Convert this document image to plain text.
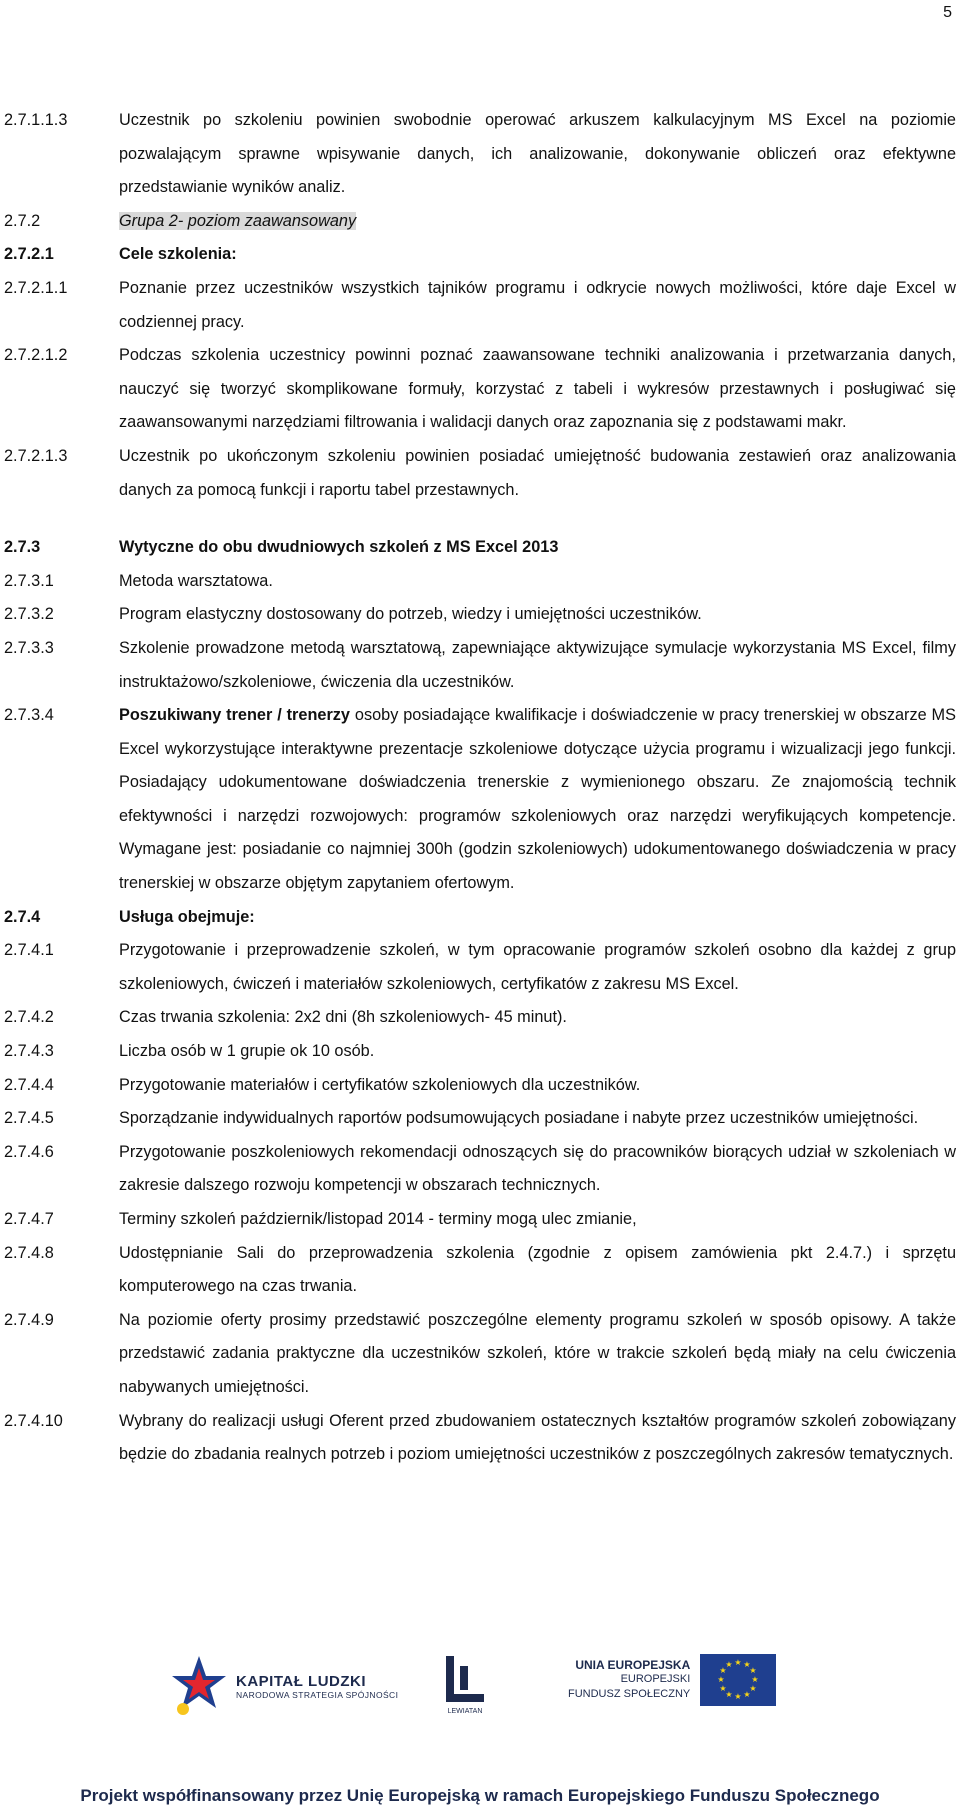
5
2.7.1.1.3	Uczestnik po szkoleniu powinien swobodnie operować arkuszem kalkulacyjnym MS Excel na poziomie pozwalającym sprawne wpisywanie danych, ich analizowanie, dokonywanie obliczeń oraz efektywne przedstawianie wyników analiz.
2.7.2	Grupa 2- poziom zaawansowany
2.7.2.1	Cele szkolenia:
2.7.2.1.1	Poznanie przez uczestników wszystkich tajników programu i odkrycie nowych możliwości, które daje Excel w codziennej pracy.
2.7.2.1.2	Podczas szkolenia uczestnicy powinni poznać zaawansowane techniki analizowania i przetwarzania danych, nauczyć się tworzyć skomplikowane formuły, korzystać z tabeli i wykresów przestawnych i posługiwać się zaawansowanymi narzędziami filtrowania i walidacji danych oraz zapoznania się z podstawami makr.
2.7.2.1.3	Uczestnik po ukończonym szkoleniu powinien posiadać umiejętność budowania zestawień oraz analizowania danych za pomocą funkcji i raportu tabel przestawnych.
2.7.3	Wytyczne do obu dwudniowych szkoleń z MS Excel 2013
2.7.3.1	Metoda warsztatowa.
2.7.3.2	Program elastyczny dostosowany do potrzeb, wiedzy i umiejętności uczestników.
2.7.3.3	Szkolenie prowadzone metodą warsztatową, zapewniające aktywizujące symulacje wykorzystania MS Excel, filmy instruktażowo/szkoleniowe, ćwiczenia dla uczestników.
2.7.3.4	Poszukiwany trener / trenerzy osoby posiadające kwalifikacje i doświadczenie w pracy trenerskiej w obszarze MS Excel wykorzystujące interaktywne prezentacje szkoleniowe dotyczące użycia programu i wizualizacji jego funkcji. Posiadający udokumentowane doświadczenia trenerskie z wymienionego obszaru. Ze znajomością technik efektywności i narzędzi rozwojowych: programów szkoleniowych oraz narzędzi weryfikujących kompetencje. Wymagane jest: posiadanie co najmniej 300h (godzin szkoleniowych) udokumentowanego doświadczenia w pracy trenerskiej w obszarze objętym zapytaniem ofertowym.
2.7.4	Usługa obejmuje:
2.7.4.1	Przygotowanie i przeprowadzenie szkoleń, w tym opracowanie programów szkoleń osobno dla każdej z grup szkoleniowych, ćwiczeń i materiałów szkoleniowych, certyfikatów z zakresu MS Excel.
2.7.4.2	Czas trwania szkolenia: 2x2 dni (8h szkoleniowych- 45 minut).
2.7.4.3	Liczba osób w 1 grupie ok 10 osób.
2.7.4.4	Przygotowanie materiałów i certyfikatów szkoleniowych dla uczestników.
2.7.4.5	Sporządzanie indywidualnych raportów podsumowujących posiadane i nabyte przez uczestników umiejętności.
2.7.4.6	Przygotowanie poszkoleniowych rekomendacji odnoszących się do pracowników biorących udział w szkoleniach w zakresie dalszego rozwoju kompetencji w obszarach technicznych.
2.7.4.7	Terminy szkoleń październik/listopad 2014 - terminy mogą ulec zmianie,
2.7.4.8	Udostępnianie Sali do przeprowadzenia szkolenia (zgodnie z opisem zamówienia pkt 2.4.7.) i sprzętu komputerowego na czas trwania.
2.7.4.9	Na poziomie oferty prosimy przedstawić poszczególne elementy programu szkoleń w sposób opisowy. A także przedstawić zadania praktyczne dla uczestników szkoleń, które w trakcie szkoleń będą miały na celu ćwiczenia nabywanych umiejętności.
2.7.4.10	Wybrany do realizacji usługi Oferent przed zbudowaniem ostatecznych kształtów programów szkoleń zobowiązany będzie do zbadania realnych potrzeb i poziom umiejętności uczestników z poszczególnych zakresów tematycznych.
KAPITAŁ LUDZKI
NARODOWA STRATEGIA SPÓJNOŚCI
LEWIATAN
UNIA EUROPEJSKA
EUROPEJSKI
FUNDUSZ SPOŁECZNY
★ ★
★
★
★
★
★
★
★
★
★
★
Projekt współfinansowany przez Unię Europejską w ramach Europejskiego Funduszu Społecznego
